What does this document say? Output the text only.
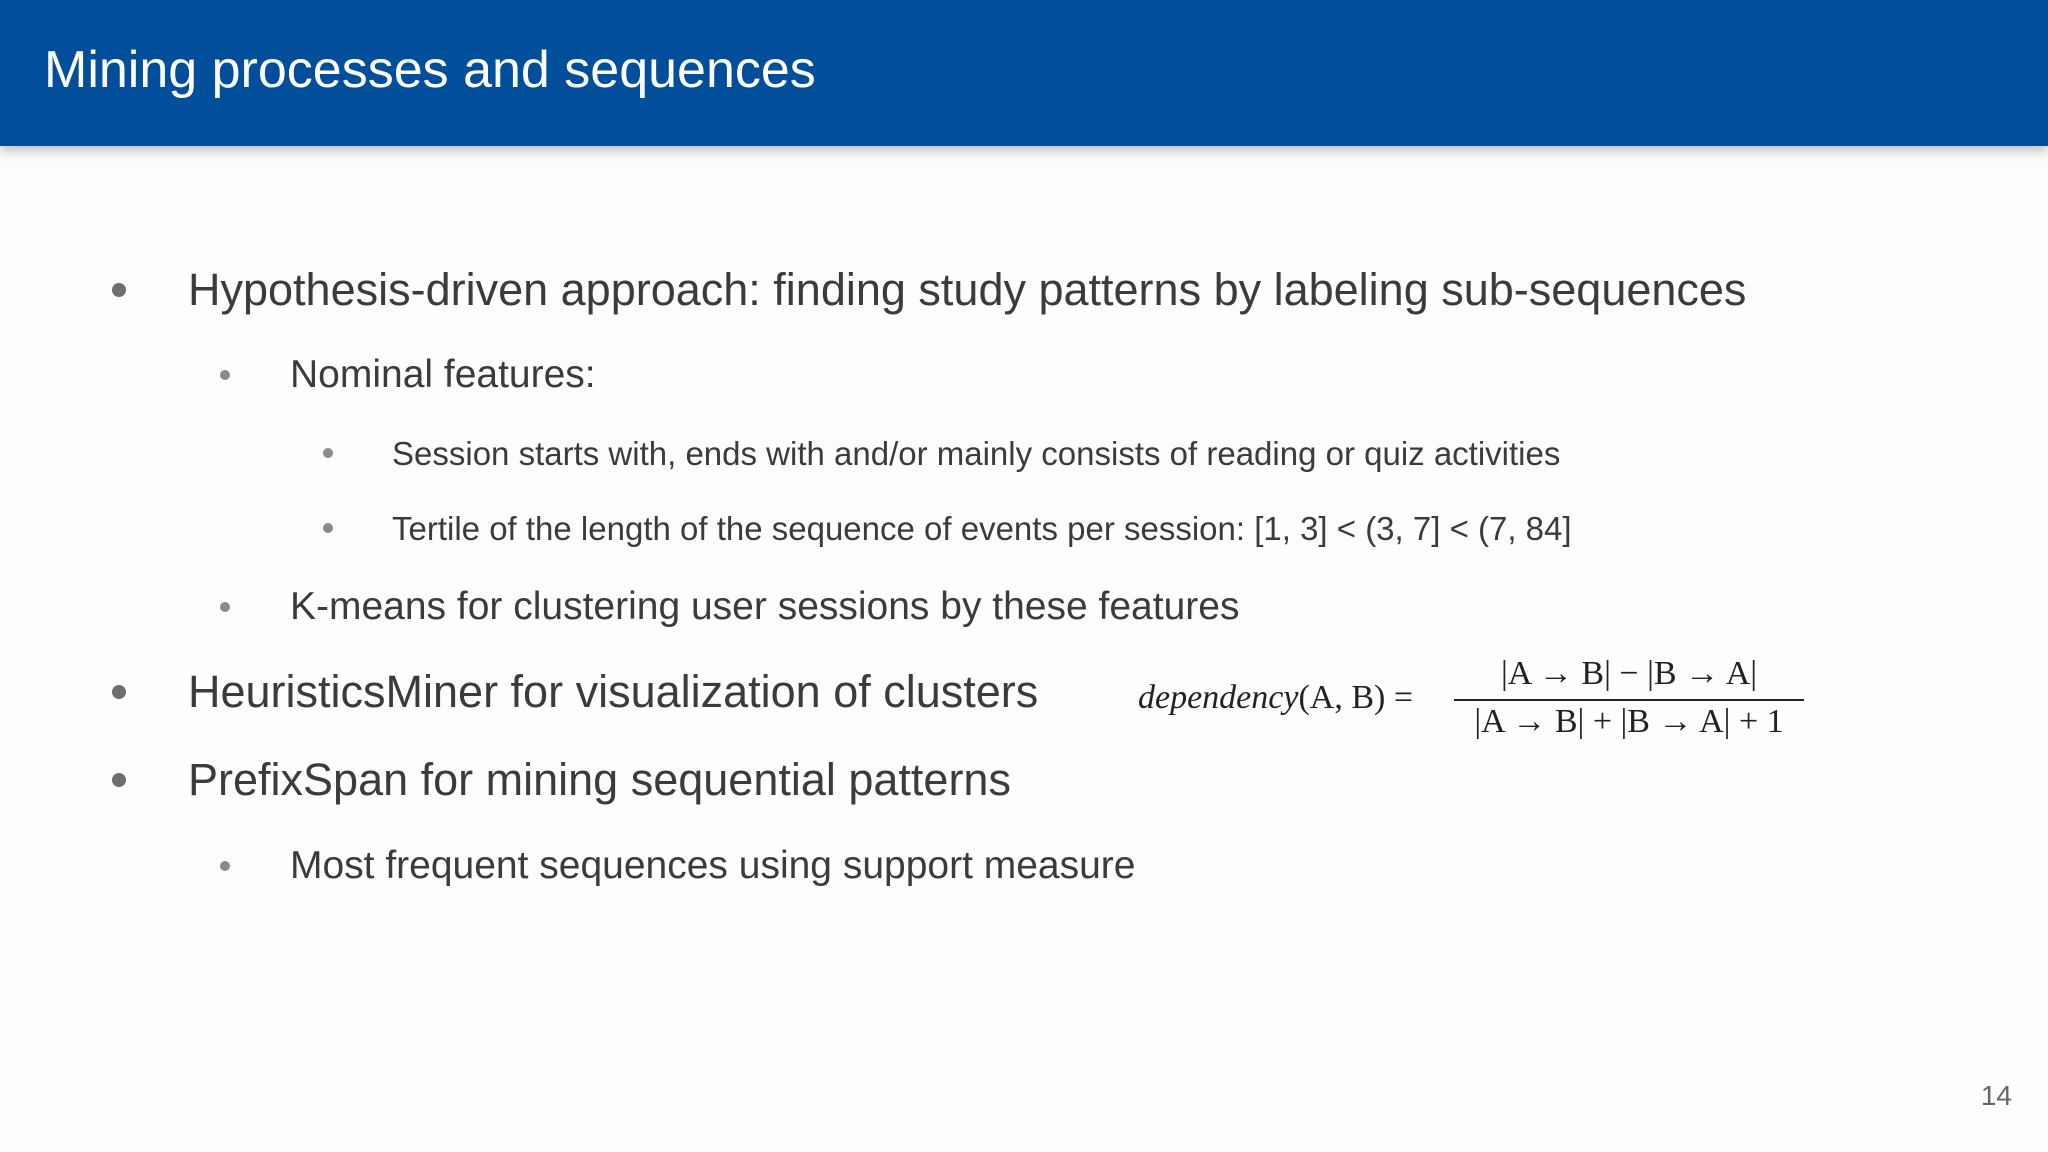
Mining processes and sequences
Hypothesis-driven approach: finding study patterns by labeling sub-sequences
Nominal features:
Session starts with, ends with and/or mainly consists of reading or quiz activities
Tertile of the length of the sequence of events per session: [1, 3] < (3, 7] < (7, 84]
K-means for clustering user sessions by these features
HeuristicsMiner for visualization of clusters	dependency(A, B) =
|A → B| − |B → A|
|A → B| + |B → A| + 1
PrefixSpan for mining sequential patterns
Most frequent sequences using support measure
14
